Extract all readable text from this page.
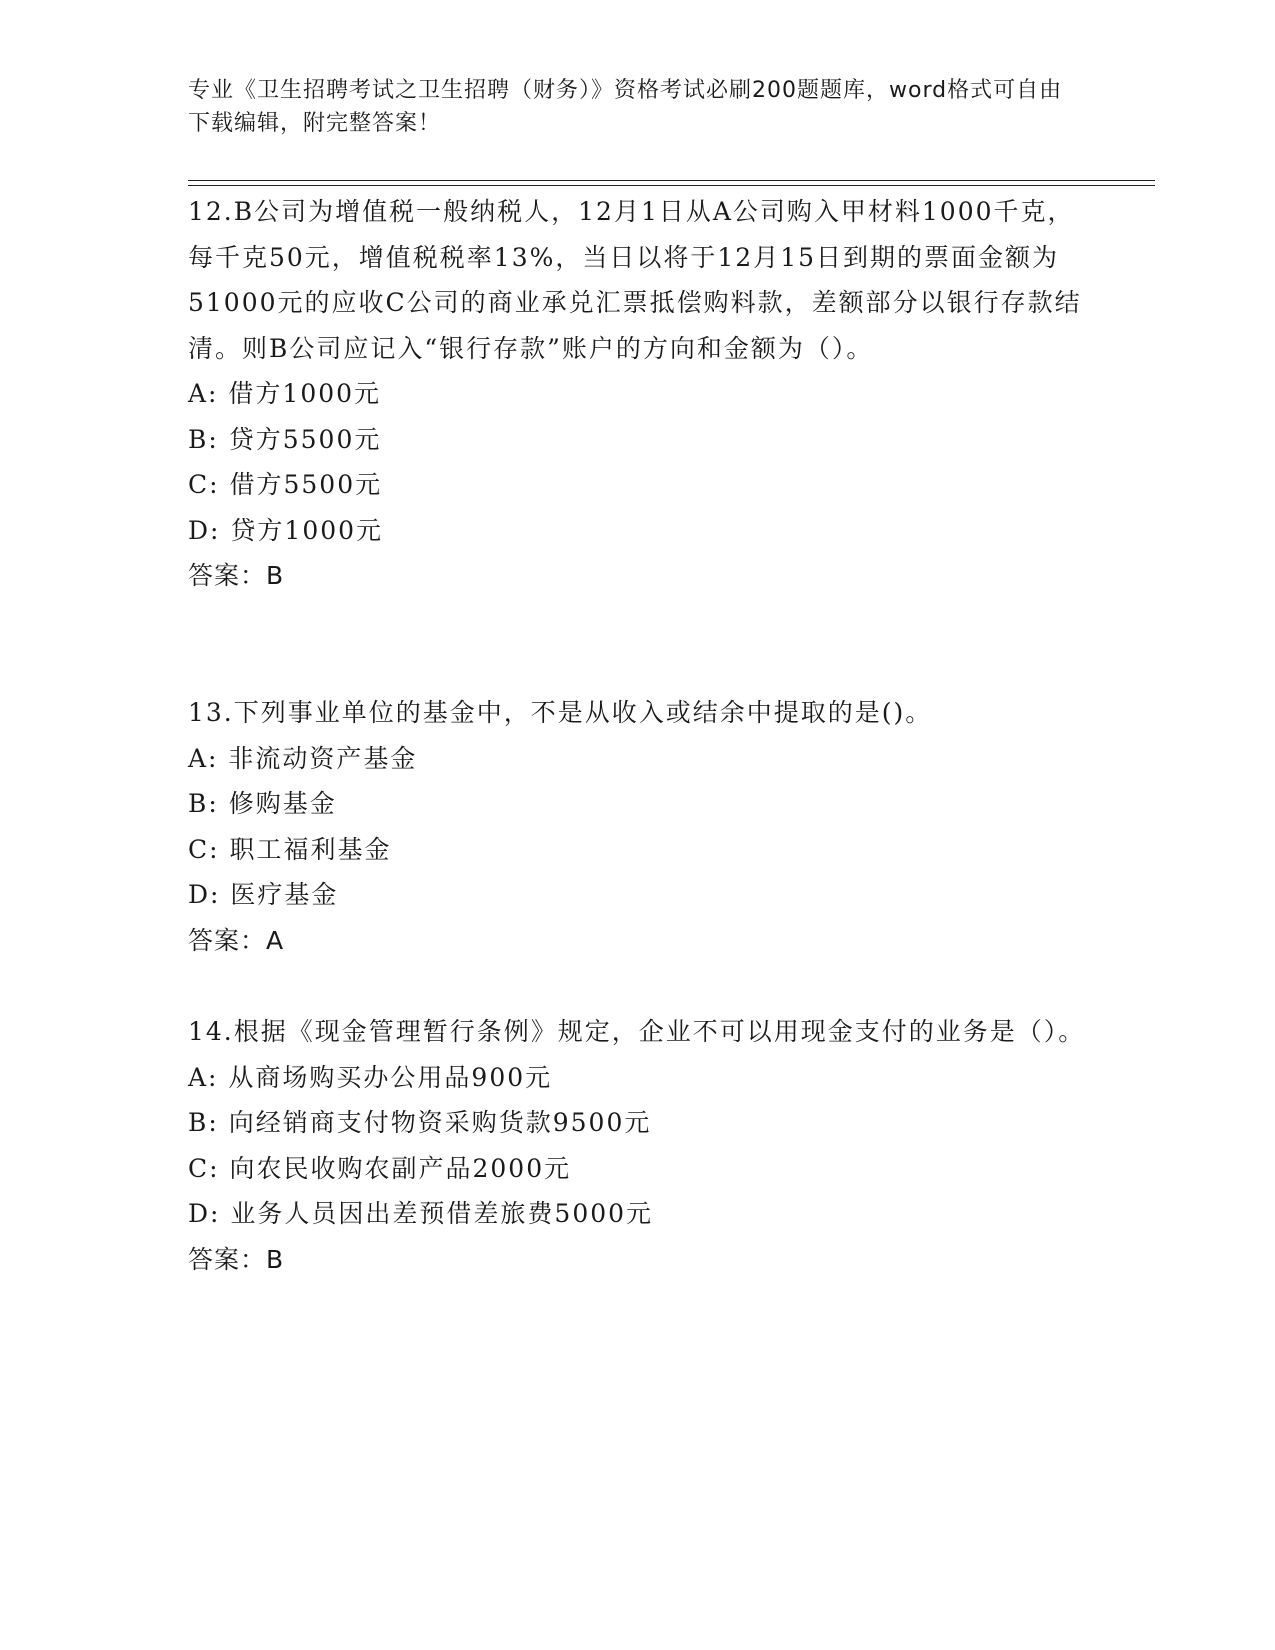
专业《卫生招聘考试之卫生招聘（财务）》资格考试必刷200题题库，word格式可自由下载编辑，附完整答案！
12.B公司为增值税一般纳税人，12月1日从A公司购入甲材料1000千克，每千克50元，增值税税率13%，当日以将于12月15日到期的票面金额为51000元的应收C公司的商业承兑汇票抵偿购料款，差额部分以银行存款结清。则B公司应记入“银行存款”账户的方向和金额为（）。
A: 借方1000元
B: 贷方5500元
C: 借方5500元
D: 贷方1000元
答案：B
13.下列事业单位的基金中，不是从收入或结余中提取的是()。
A: 非流动资产基金
B: 修购基金
C: 职工福利基金
D: 医疗基金
答案：A
14.根据《现金管理暂行条例》规定，企业不可以用现金支付的业务是（）。
A: 从商场购买办公用品900元
B: 向经销商支付物资采购货款9500元
C: 向农民收购农副产品2000元
D: 业务人员因出差预借差旅费5000元
答案：B
